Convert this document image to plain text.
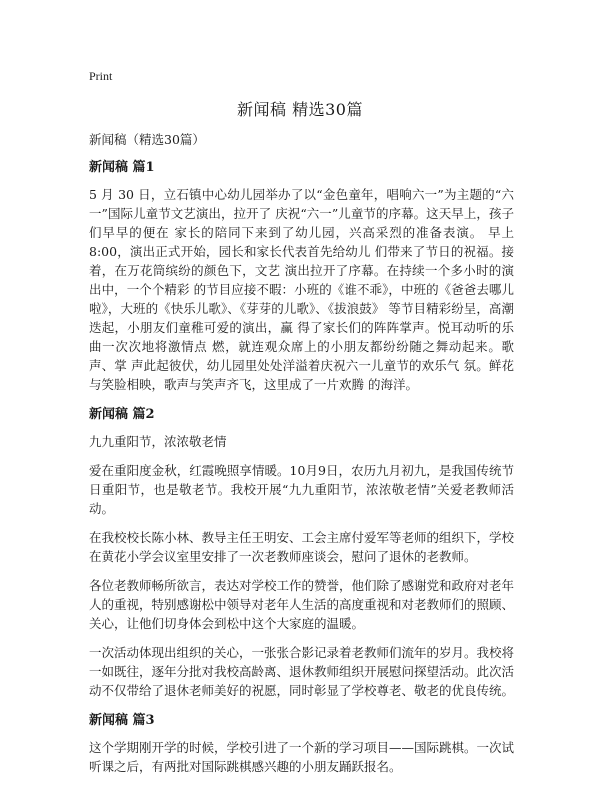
Print
新闻稿 精选30篇

新闻稿（精选30篇）

新闻稿 篇1

5 月 30 日，立石镇中心幼儿园举办了以“金色童年，唱响六一”为主题的“六一”国际儿童节文艺演出，拉开了 庆祝“六一”儿童节的序幕。这天早上，孩子们早早的便在 家长的陪同下来到了幼儿园，兴高采烈的准备表演。 早上 8:00，演出正式开始，园长和家长代表首先给幼儿 们带来了节日的祝福。接着，在万花筒缤纷的颜色下，文艺 演出拉开了序幕。在持续一个多小时的演出中，一个个精彩 的节目应接不暇：小班的《谁不乖》，中班的《爸爸去哪儿 啦》，大班的《快乐儿歌》、《芽芽的儿歌》、《拔浪鼓》 等节目精彩纷呈，高潮迭起，小朋友们童稚可爱的演出，赢 得了家长们的阵阵掌声。悦耳动听的乐曲一次次地将激情点 燃，就连观众席上的小朋友都纷纷随之舞动起来。歌声、掌 声此起彼伏，幼儿园里处处洋溢着庆祝六一儿童节的欢乐气 氛。鲜花与笑脸相映，歌声与笑声齐飞，这里成了一片欢腾 的海洋。

新闻稿 篇2

九九重阳节，浓浓敬老情

爱在重阳度金秋，红霞晚照享情暖。10月9日，农历九月初九，是我国传统节日重阳节，也是敬老节。我校开展“九九重阳节，浓浓敬老情”关爱老教师活动。

在我校校长陈小林、教导主任王明安、工会主席付爱军等老师的组织下，学校在黄花小学会议室里安排了一次老教师座谈会，慰问了退休的老教师。

各位老教师畅所欲言，表达对学校工作的赞誉，他们除了感谢党和政府对老年人的重视，特别感谢松中领导对老年人生活的高度重视和对老教师们的照顾、关心，让他们切身体会到松中这个大家庭的温暖。

一次活动体现出组织的关心，一张张合影记录着老教师们流年的岁月。我校将一如既往，逐年分批对我校高龄离、退休教师组织开展慰问探望活动。此次活动不仅带给了退休老师美好的祝愿，同时彰显了学校尊老、敬老的优良传统。

新闻稿 篇3

这个学期刚开学的时候，学校引进了一个新的学习项目——国际跳棋。一次试听课之后，有两批对国际跳棋感兴趣的小朋友踊跃报名。
